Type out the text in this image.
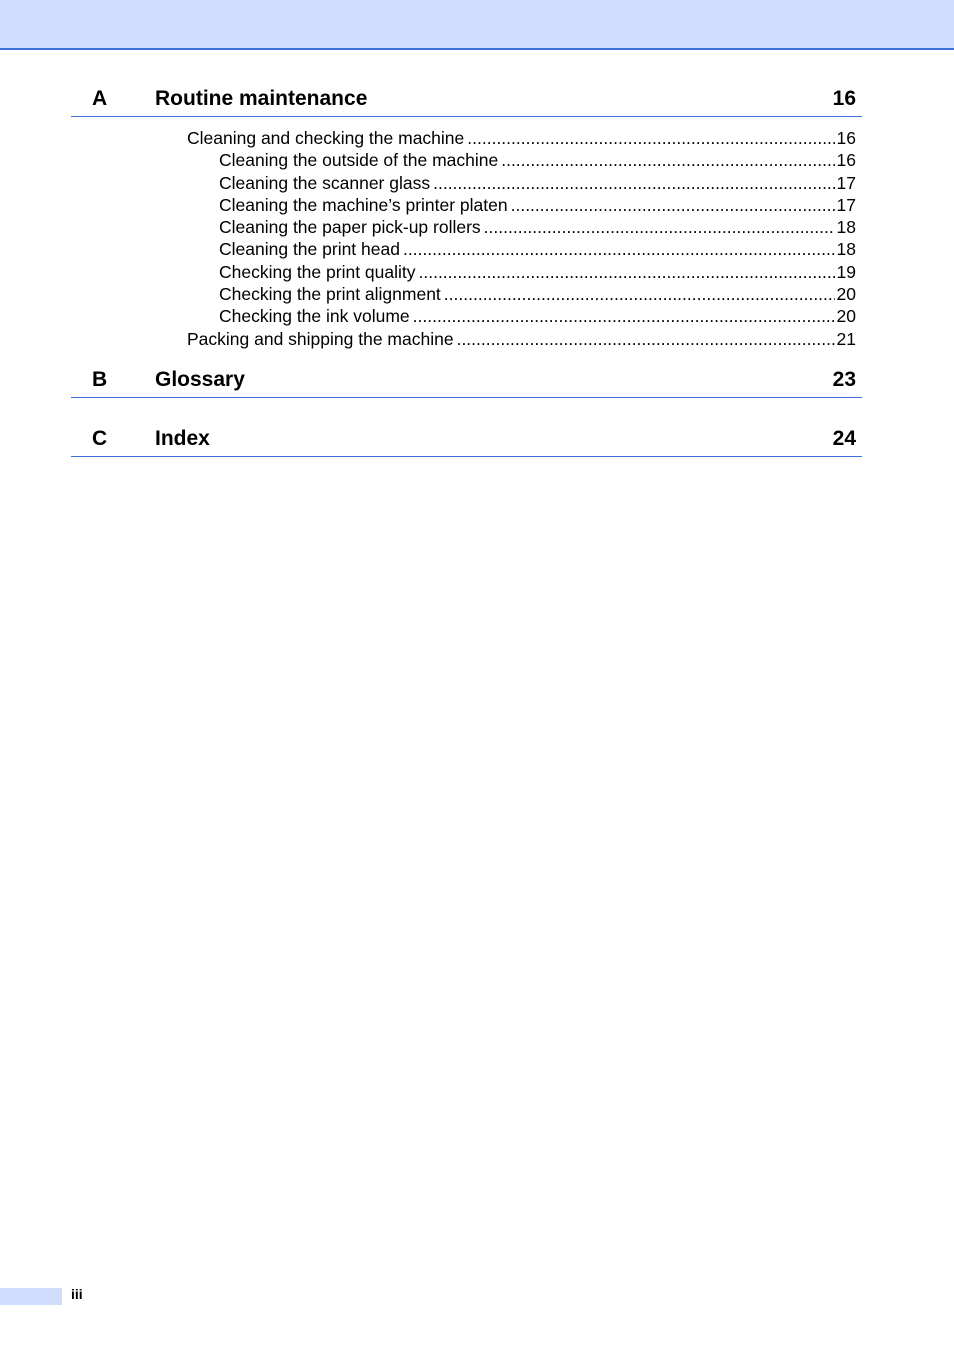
A Routine maintenance	16
Cleaning and checking the machine .....	16
Cleaning the outside of the machine .....	16
Cleaning the scanner glass .....	17
Cleaning the machine’s printer platen .....	17
Cleaning the paper pick-up rollers .....	18
Cleaning the print head .....	18
Checking the print quality .....	19
Checking the print alignment .....	20
Checking the ink volume .....	20
Packing and shipping the machine .....	21
B Glossary	23
C Index	24
iii
